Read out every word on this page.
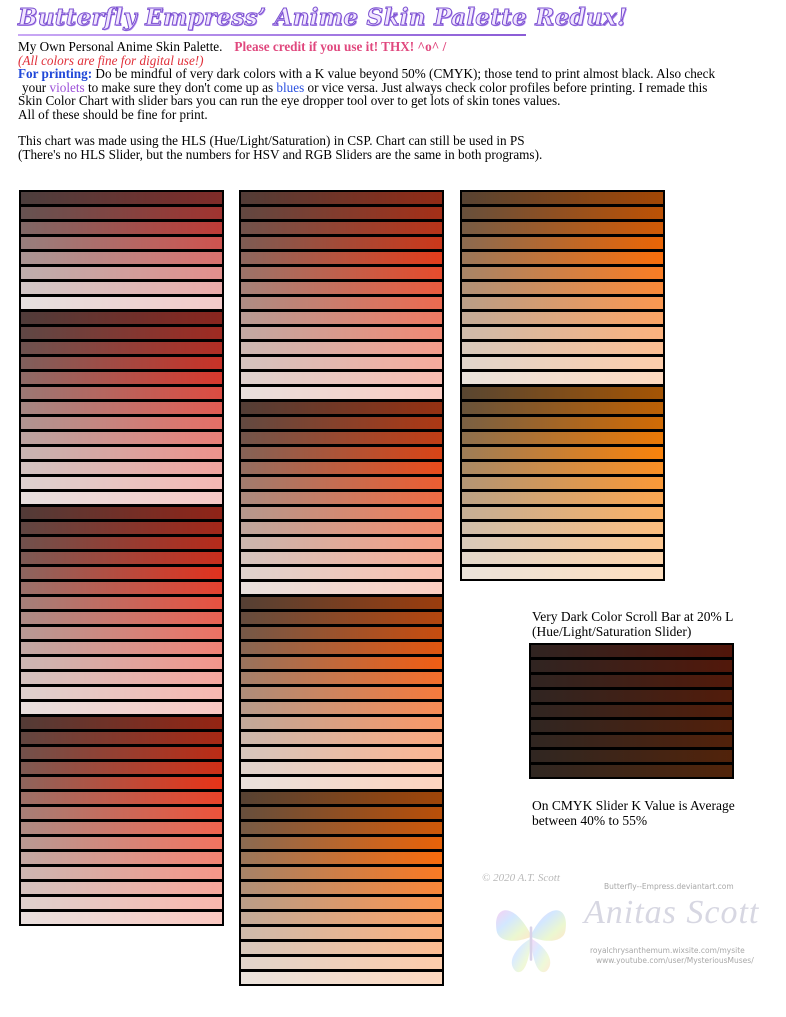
Butterfly Empress’ Anime Skin Palette Redux!

My Own Personal Anime Skin Palette. Please credit if you use it! THX! ^o^ /

(All colors are fine for digital use!)

For printing: Do be mindful of very dark colors with a K value beyond 50% (CMYK); those tend to print almost black. Also check

your violets to make sure they don't come up as blues or vice versa. Just always check color profiles before printing. I remade this

Skin Color Chart with slider bars you can run the eye dropper tool over to get lots of skin tones values.

All of these should be fine for print.

This chart was made using the HLS (Hue/Light/Saturation) in CSP. Chart can still be used in PS

(There's no HLS Slider, but the numbers for HSV and RGB Sliders are the same in both programs).

Very Dark Color Scroll Bar at 20% L
(Hue/Light/Saturation Slider)
On CMYK Slider K Value is Average
between 40% to 55%
© 2020 A.T. Scott
Butterfly--Empress.deviantart.com
Anitas Scott
royalchrysanthemum.wixsite.com/mysite
www.youtube.com/user/MysteriousMuses/
